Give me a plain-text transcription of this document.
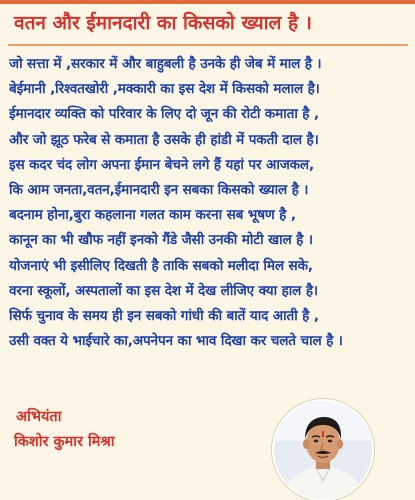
वतन और ईमानदारी का किसको ख्याल है ।
जो सत्ता में ,सरकार में और बाहुबली है उनके ही जेब में माल है ।
बेईमानी ,रिश्वतखोरी ,मक्कारी का इस देश में किसको मलाल है।
ईमानदार व्यक्ति को परिवार के लिए दो जून की रोटी कमाता है ,
और जो झूठ फरेब से कमाता है उसके ही हांडी में पकती दाल है।
इस कदर चंद लोग अपना ईमान बेचने लगे हैं यहां पर आजकल,
कि आम जनता,वतन,ईमानदारी इन सबका किसको ख्याल है ।
बदनाम होना,बुरा कहलाना गलत काम करना सब भूषण है ,
कानून का भी खौफ नहीं इनको गैंडे जैसी उनकी मोटी खाल है ।
योजनाएं भी इसीलिए दिखती है ताकि सबको मलीदा मिल सके,
वरना स्कूलों, अस्पतालों का इस देश में देख लीजिए क्या हाल है।
सिर्फ चुनाव के समय ही इन सबको गांधी की बातें याद आती है ,
उसी वक्त ये भाईचारे का,अपनेपन का भाव दिखा कर चलते चाल है ।
अभियंता
किशोर कुमार मिश्रा
